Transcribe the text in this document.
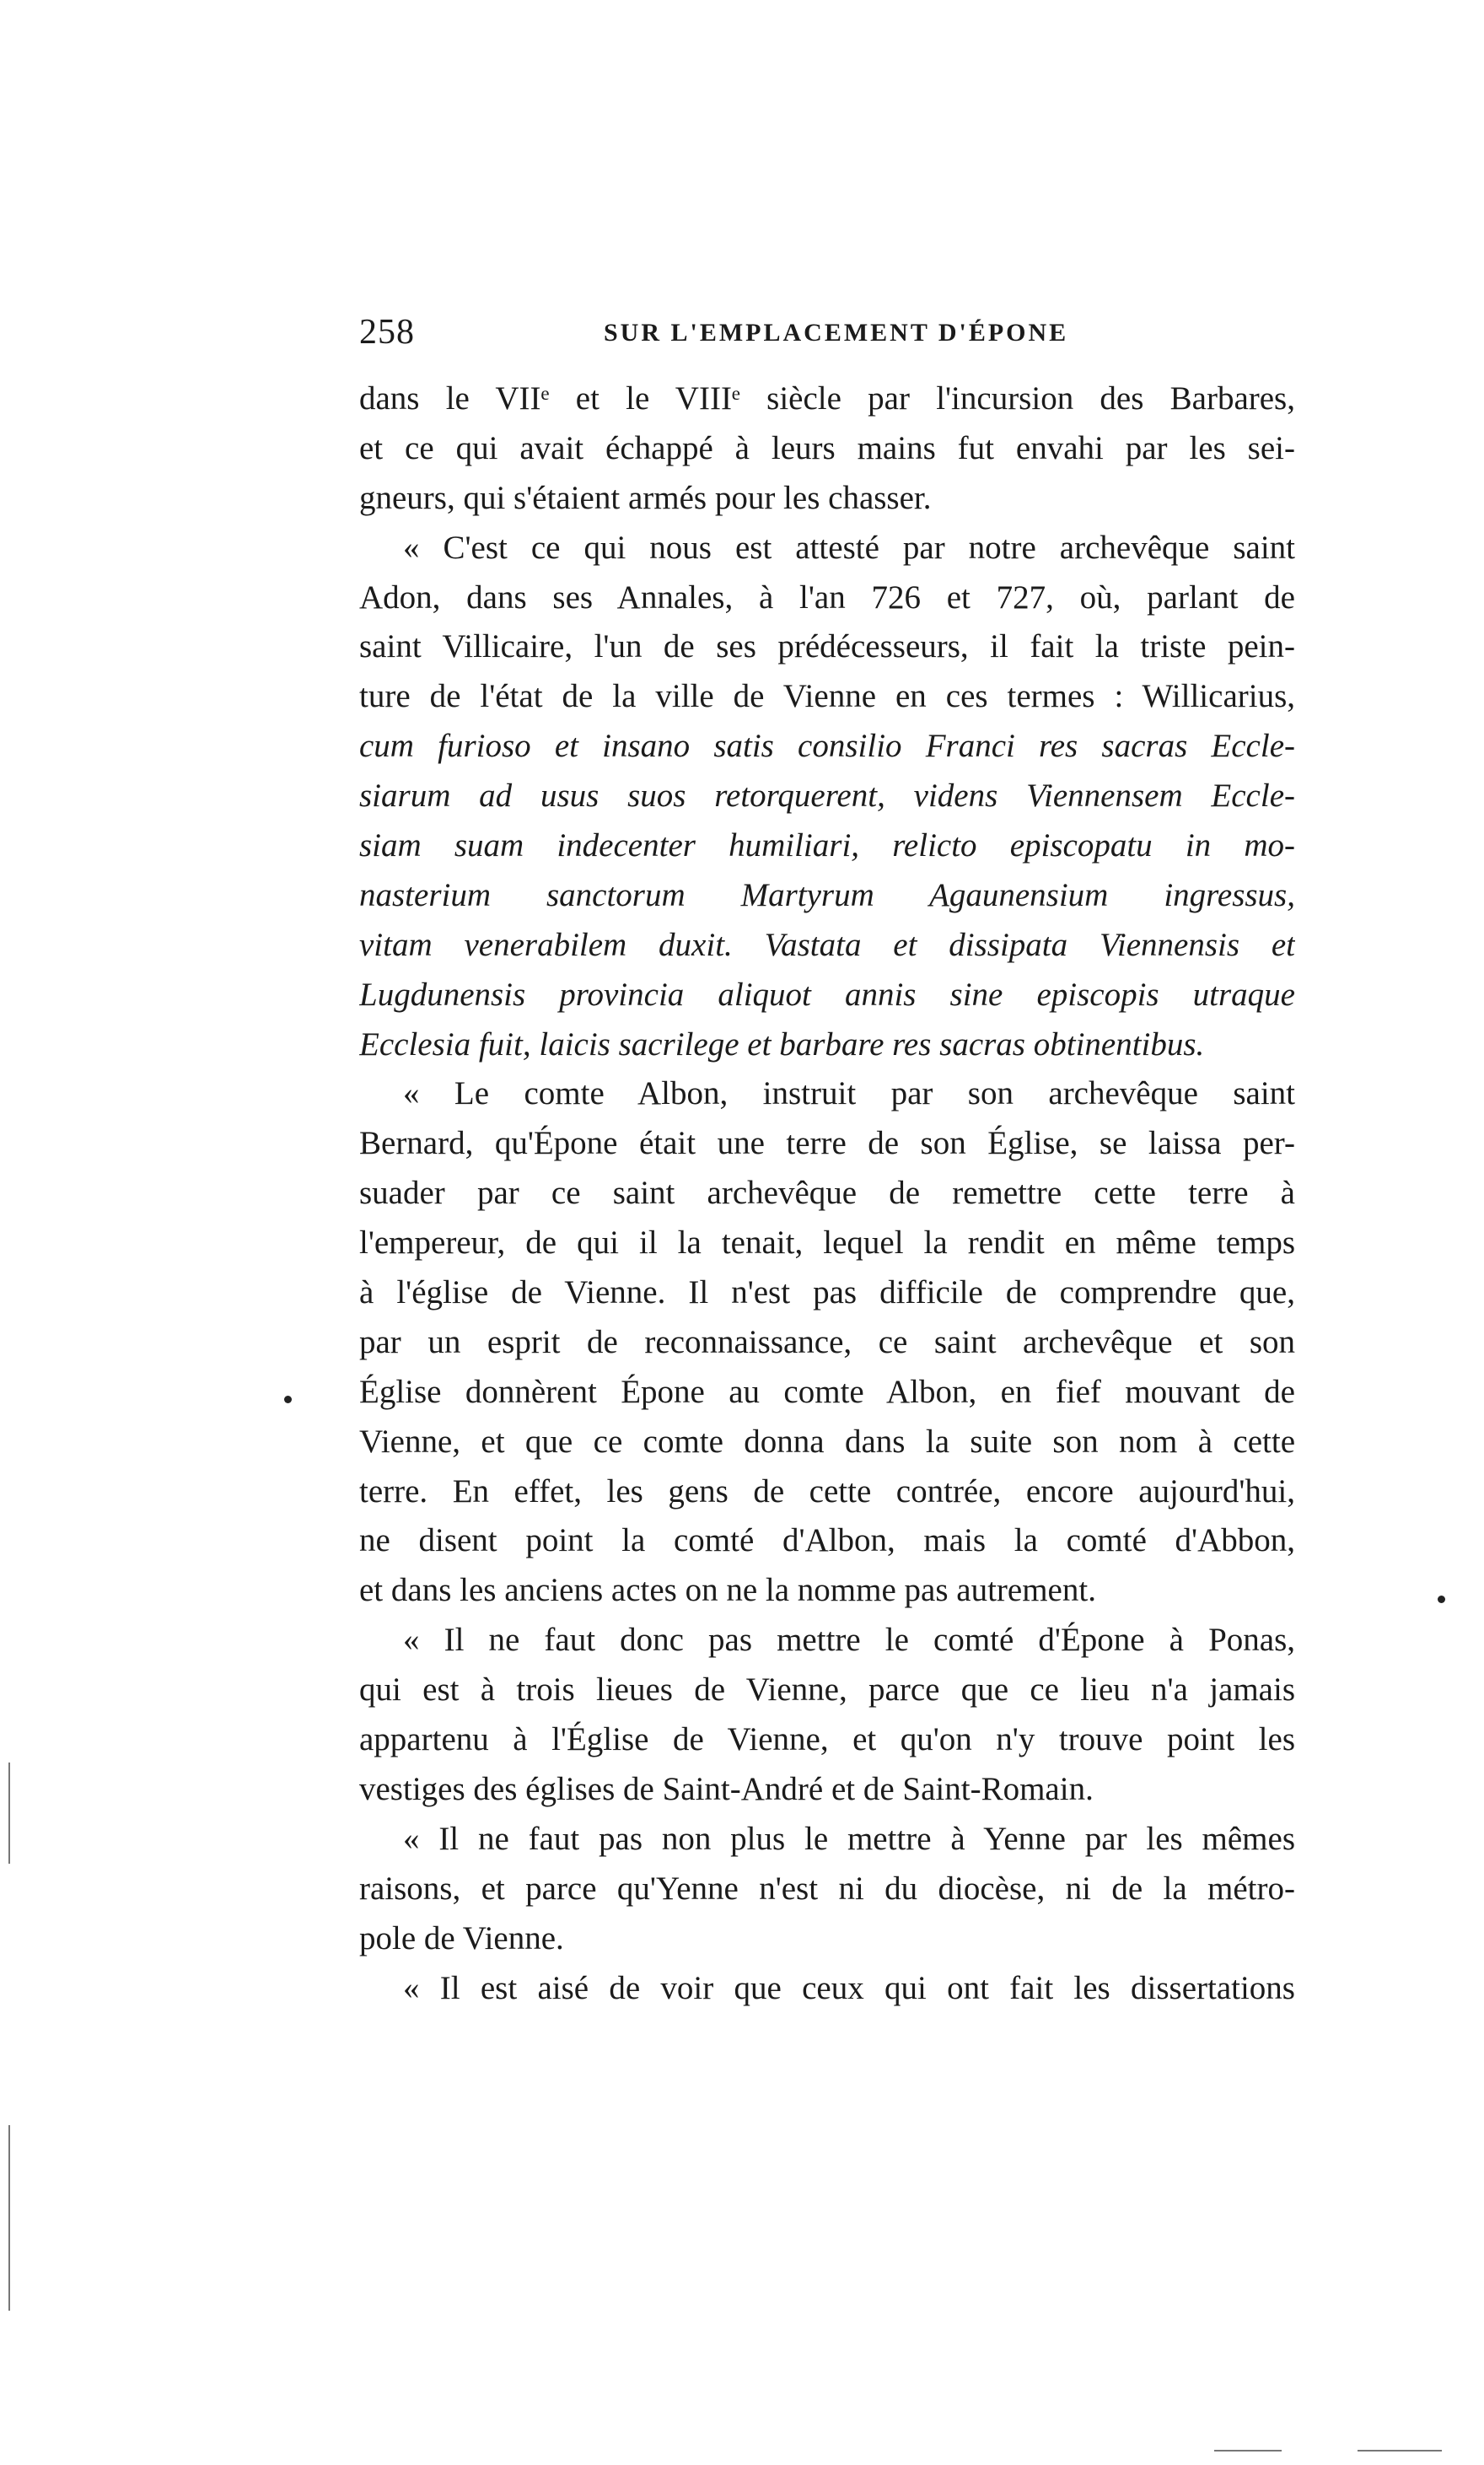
258	SUR L'EMPLACEMENT D'ÉPONE
dans le VIIᵉ et le VIIIᵉ siècle par l'incursion des Barbares,
et ce qui avait échappé à leurs mains fut envahi par les sei-
gneurs, qui s'étaient armés pour les chasser.
« C'est ce qui nous est attesté par notre archevêque saint
Adon, dans ses Annales, à l'an 726 et 727, où, parlant de
saint Villicaire, l'un de ses prédécesseurs, il fait la triste pein-
ture de l'état de la ville de Vienne en ces termes : Willicarius,
cum furioso et insano satis consilio Franci res sacras Eccle-
siarum ad usus suos retorquerent, videns Viennensem Eccle-
siam suam indecenter humiliari, relicto episcopatu in mo-
nasterium sanctorum Martyrum Agaunensium ingressus,
vitam venerabilem duxit. Vastata et dissipata Viennensis et
Lugdunensis provincia aliquot annis sine episcopis utraque
Ecclesia fuit, laicis sacrilege et barbare res sacras obtinentibus.
« Le comte Albon, instruit par son archevêque saint
Bernard, qu'Épone était une terre de son Église, se laissa per-
suader par ce saint archevêque de remettre cette terre à
l'empereur, de qui il la tenait, lequel la rendit en même temps
à l'église de Vienne. Il n'est pas difficile de comprendre que,
par un esprit de reconnaissance, ce saint archevêque et son
Église donnèrent Épone au comte Albon, en fief mouvant de
Vienne, et que ce comte donna dans la suite son nom à cette
terre. En effet, les gens de cette contrée, encore aujourd'hui,
ne disent point la comté d'Albon, mais la comté d'Abbon,
et dans les anciens actes on ne la nomme pas autrement.
« Il ne faut donc pas mettre le comté d'Épone à Ponas,
qui est à trois lieues de Vienne, parce que ce lieu n'a jamais
appartenu à l'Église de Vienne, et qu'on n'y trouve point les
vestiges des églises de Saint-André et de Saint-Romain.
« Il ne faut pas non plus le mettre à Yenne par les mêmes
raisons, et parce qu'Yenne n'est ni du diocèse, ni de la métro-
pole de Vienne.
« Il est aisé de voir que ceux qui ont fait les dissertations
